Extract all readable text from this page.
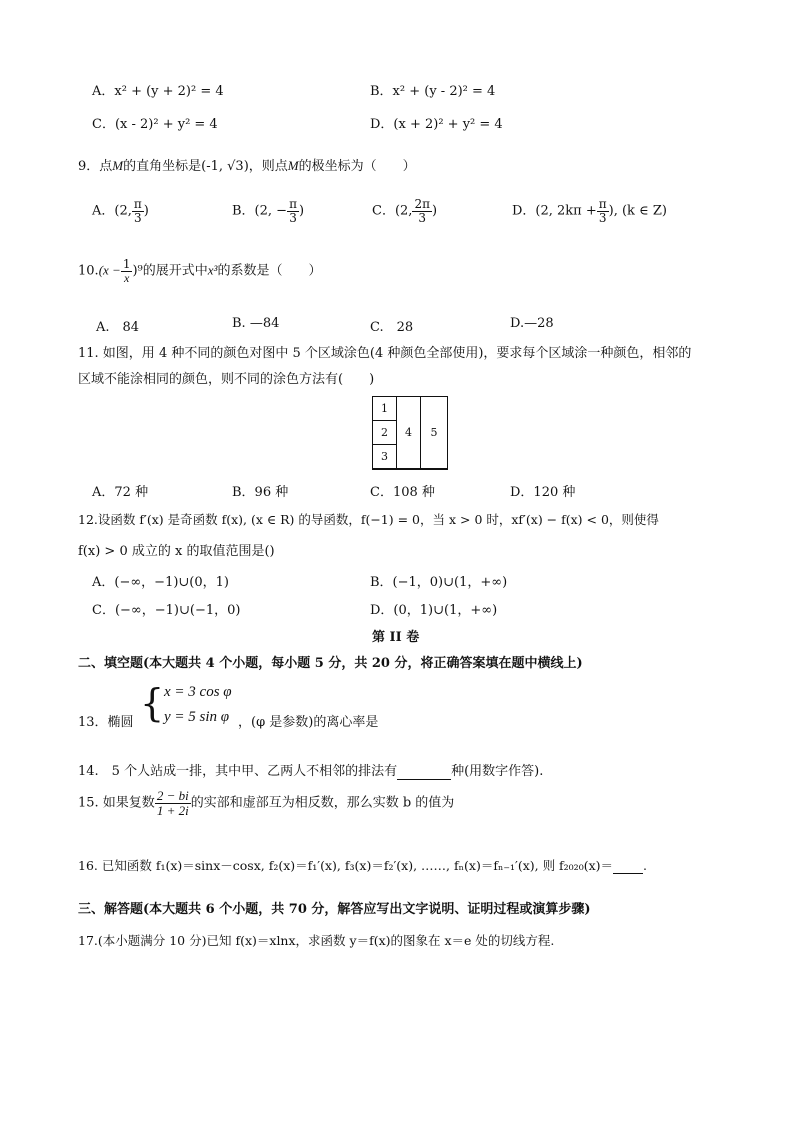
A．x² + (y + 2)² = 4	B．x² + (y - 2)² = 4
C．(x - 2)² + y² = 4	D．(x + 2)² + y² = 4
9．点M的直角坐标是(-1, √3)，则点M的极坐标为（　　）
A．(2, $\frac{\pi}{3}$ )	B．(2, − $\frac{\pi}{3}$ )	C．(2, $\frac{2\pi}{3}$ )	D．(2, $2k\pi + \frac{\pi}{3}$ ), (k ∈ Z)
$10.(x - \frac{1}{x} )^9$的展开式中x³的系数是（　　）
A.　84	B. —84	C.　28	D.—28
11. 如图，用 4 种不同的颜色对图中 5 个区域涂色(4 种颜色全部使用)，要求每个区域涂一种颜色，相邻的
区域不能涂相同的颜色，则不同的涂色方法有(　　)
1
2
3
4	5
A．72 种	B．96 种	C．108 种	D．120 种
12.设函数 f′(x) 是奇函数 f(x), (x ∈ R) 的导函数，f(−1) = 0，当 x > 0 时，xf′(x) − f(x) < 0，则使得
f(x) > 0 成立的 x 的取值范围是()
A．(−∞，−1)∪(0，1)	B．(−1，0)∪(1，+∞)
C．(−∞，−1)∪(−1，0)	D．(0，1)∪(1，+∞)
第 II 卷
二、填空题(本大题共 4 个小题，每小题 5 分，共 20 分，将正确答案填在题中横线上)
13．椭圆 { x = 3 cos φ
y = 5 sin φ ，(φ 是参数)的离心率是
14.　5 个人站成一排，其中甲、乙两人不相邻的排法有	种(用数字作答).
15. 如果复数 $\frac{2 - bi}{1 + 2i}$ 的实部和虚部互为相反数，那么实数 b 的值为
16. 已知函数 f₁(x)＝sinx－cosx, f₂(x)＝f₁′(x), f₃(x)＝f₂′(x), ……, fₙ(x)＝fₙ₋₁′(x), 则 f₂₀₂₀(x)＝ .
三、解答题(本大题共 6 个小题，共 70 分，解答应写出文字说明、证明过程或演算步骤)
17.(本小题满分 10 分)已知 f(x)＝xlnx，求函数 y＝f(x)的图象在 x＝e 处的切线方程.
